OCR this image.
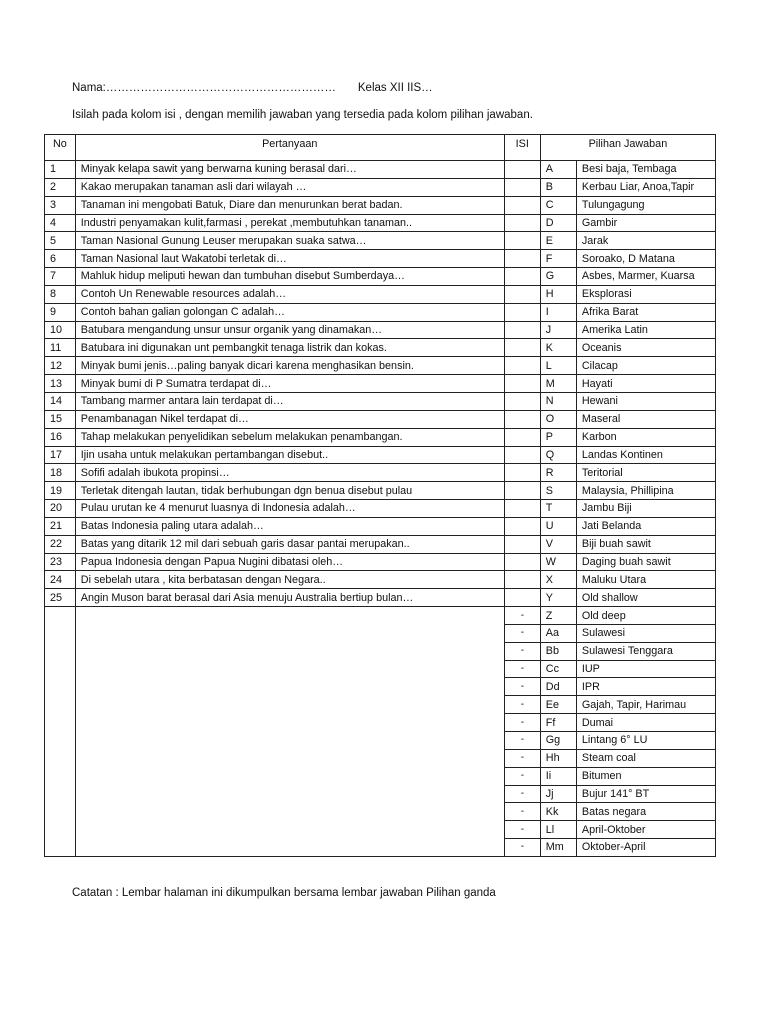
Nama:…………………………………………………… Kelas XII IIS…
Isilah pada kolom isi , dengan memilih jawaban yang tersedia pada kolom pilihan jawaban.
No	Pertanyaan	ISI	Pilihan Jawaban	
1	Minyak kelapa sawit yang berwarna kuning berasal dari…		A	Besi baja, Tembaga
2	Kakao merupakan tanaman asli dari wilayah …		B	Kerbau Liar, Anoa,Tapir
3	Tanaman ini mengobati Batuk, Diare dan menurunkan berat badan.		C	Tulungagung
4	Industri penyamakan kulit,farmasi , perekat ,membutuhkan tanaman..		D	Gambir
5	Taman Nasional Gunung Leuser merupakan suaka satwa…		E	Jarak
6	Taman Nasional laut Wakatobi terletak di…		F	Soroako, D Matana
7	Mahluk hidup meliputi hewan dan tumbuhan disebut Sumberdaya…		G	Asbes, Marmer, Kuarsa
8	Contoh Un Renewable resources adalah…		H	Eksplorasi
9	Contoh bahan galian golongan C adalah…		I	Afrika Barat
10	Batubara mengandung unsur unsur organik yang dinamakan…		J	Amerika Latin
11	Batubara ini digunakan unt pembangkit tenaga listrik dan kokas.		K	Oceanis
12	Minyak bumi jenis…paling banyak dicari karena menghasikan bensin.		L	Cilacap
13	Minyak bumi di P Sumatra terdapat di…		M	Hayati
14	Tambang marmer antara lain terdapat di…		N	Hewani
15	Penambanagan Nikel terdapat di…		O	Maseral
16	Tahap melakukan penyelidikan sebelum melakukan penambangan.		P	Karbon
17	Ijin usaha untuk melakukan pertambangan disebut..		Q	Landas Kontinen
18	Sofifi adalah ibukota propinsi…		R	Teritorial
19	Terletak ditengah lautan, tidak berhubungan dgn benua disebut pulau		S	Malaysia, Phillipina
20	Pulau urutan ke 4 menurut luasnya di Indonesia adalah…		T	Jambu Biji
21	Batas Indonesia paling utara adalah…		U	Jati Belanda
22	Batas yang ditarik 12 mil dari sebuah garis dasar pantai merupakan..		V	Biji buah sawit
23	Papua Indonesia dengan Papua Nugini dibatasi oleh…		W	Daging buah sawit
24	Di sebelah utara , kita berbatasan dengan Negara..		X	Maluku Utara
25	Angin Muson barat berasal dari Asia menuju Australia bertiup bulan…		Y	Old shallow
		-	Z	Old deep
		-	Aa	Sulawesi
		-	Bb	Sulawesi Tenggara
		-	Cc	IUP
		-	Dd	IPR
		-	Ee	Gajah, Tapir, Harimau
		-	Ff	Dumai
		-	Gg	Lintang 6° LU
		-	Hh	Steam coal
		-	Ii	Bitumen
		-	Jj	Bujur 141° BT
		-	Kk	Batas negara
		-	Ll	April-Oktober
		-	Mm	Oktober-April
Catatan : Lembar halaman ini dikumpulkan bersama lembar jawaban Pilihan ganda
